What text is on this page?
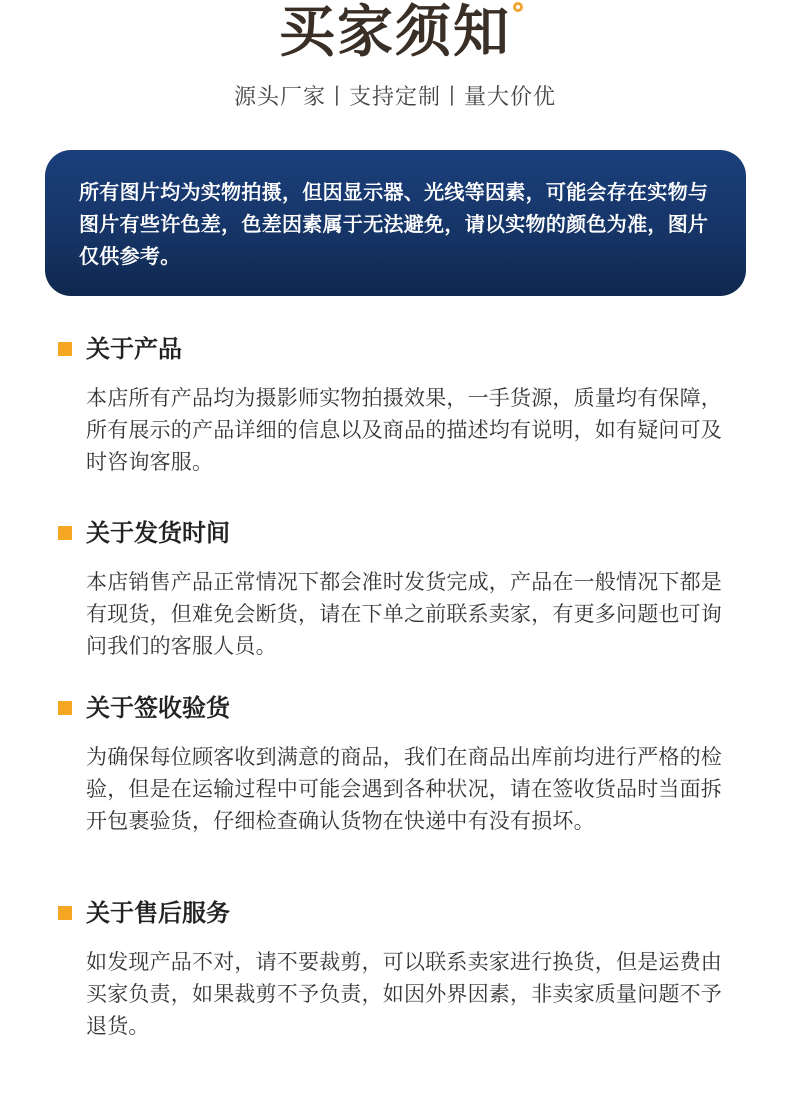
买家须知
源头厂家丨支持定制丨量大价优
所有图片均为实物拍摄，但因显示器、光线等因素，可能会存在实物与图片有些许色差，色差因素属于无法避免，请以实物的颜色为准，图片仅供参考。
关于产品
本店所有产品均为摄影师实物拍摄效果，一手货源，质量均有保障，所有展示的产品详细的信息以及商品的描述均有说明，如有疑问可及时咨询客服。
关于发货时间
本店销售产品正常情况下都会准时发货完成，产品在一般情况下都是有现货，但难免会断货，请在下单之前联系卖家，有更多问题也可询问我们的客服人员。
关于签收验货
为确保每位顾客收到满意的商品，我们在商品出库前均进行严格的检验，但是在运输过程中可能会遇到各种状况，请在签收货品时当面拆开包裹验货，仔细检查确认货物在快递中有没有损坏。
关于售后服务
如发现产品不对，请不要裁剪，可以联系卖家进行换货，但是运费由买家负责，如果裁剪不予负责，如因外界因素，非卖家质量问题不予退货。
